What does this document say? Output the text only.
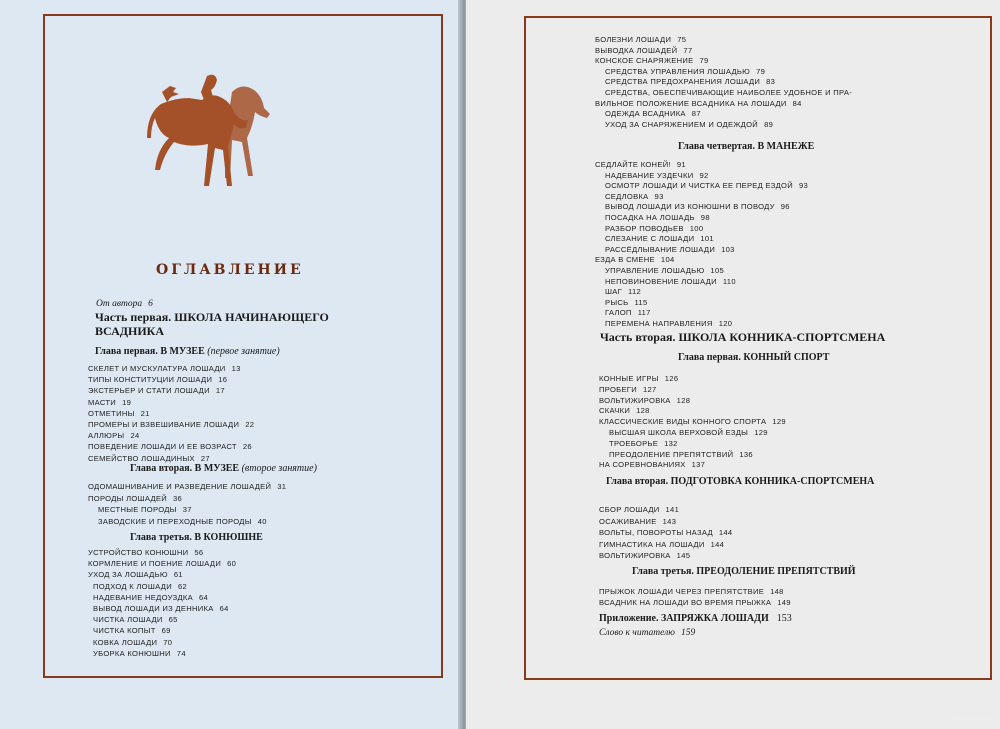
ОГЛАВЛЕНИЕ
От автора 6
Часть первая. ШКОЛА НАЧИНАЮЩЕГО
ВСАДНИКА
Глава первая. В МУЗЕЕ (первое занятие)
СКЕЛЕТ И МУСКУЛАТУРА ЛОШАДИ 13
ТИПЫ КОНСТИТУЦИИ ЛОШАДИ 16
ЭКСТЕРЬЕР И СТАТИ ЛОШАДИ 17
МАСТИ 19
ОТМЕТИНЫ 21
ПРОМЕРЫ И ВЗВЕШИВАНИЕ ЛОШАДИ 22
АЛЛЮРЫ 24
ПОВЕДЕНИЕ ЛОШАДИ И ЕЕ ВОЗРАСТ 26
СЕМЕЙСТВО ЛОШАДИНЫХ 27
Глава вторая. В МУЗЕЕ (второе занятие)
ОДОМАШНИВАНИЕ И РАЗВЕДЕНИЕ ЛОШАДЕЙ 31
ПОРОДЫ ЛОШАДЕЙ 36
МЕСТНЫЕ ПОРОДЫ 37
ЗАВОДСКИЕ И ПЕРЕХОДНЫЕ ПОРОДЫ 40
Глава третья. В КОНЮШНЕ
УСТРОЙСТВО КОНЮШНИ 56
КОРМЛЕНИЕ И ПОЕНИЕ ЛОШАДИ 60
УХОД ЗА ЛОШАДЬЮ 61
ПОДХОД К ЛОШАДИ 62
НАДЕВАНИЕ НЕДОУЗДКА 64
ВЫВОД ЛОШАДИ ИЗ ДЕННИКА 64
ЧИСТКА ЛОШАДИ 65
ЧИСТКА КОПЫТ 69
КОВКА ЛОШАДИ 70
УБОРКА КОНЮШНИ 74
БОЛЕЗНИ ЛОШАДИ 75
ВЫВОДКА ЛОШАДЕЙ 77
КОНСКОЕ СНАРЯЖЕНИЕ 79
СРЕДСТВА УПРАВЛЕНИЯ ЛОШАДЬЮ 79
СРЕДСТВА ПРЕДОХРАНЕНИЯ ЛОШАДИ 83
СРЕДСТВА, ОБЕСПЕЧИВАЮЩИЕ НАИБОЛЕЕ УДОБНОЕ И ПРА-
ВИЛЬНОЕ ПОЛОЖЕНИЕ ВСАДНИКА НА ЛОШАДИ 84
ОДЕЖДА ВСАДНИКА 87
УХОД ЗА СНАРЯЖЕНИЕМ И ОДЕЖДОЙ 89
Глава четвертая. В МАНЕЖЕ
СЕДЛАЙТЕ КОНЕЙ! 91
НАДЕВАНИЕ УЗДЕЧКИ 92
ОСМОТР ЛОШАДИ И ЧИСТКА ЕЕ ПЕРЕД ЕЗДОЙ 93
СЕДЛОВКА 93
ВЫВОД ЛОШАДИ ИЗ КОНЮШНИ В ПОВОДУ 96
ПОСАДКА НА ЛОШАДЬ 98
РАЗБОР ПОВОДЬЕВ 100
СЛЕЗАНИЕ С ЛОШАДИ 101
РАССЁДЛЫВАНИЕ ЛОШАДИ 103
ЕЗДА В СМЕНЕ 104
УПРАВЛЕНИЕ ЛОШАДЬЮ 105
НЕПОВИНОВЕНИЕ ЛОШАДИ 110
ШАГ 112
РЫСЬ 115
ГАЛОП 117
ПЕРЕМЕНА НАПРАВЛЕНИЯ 120
Часть вторая. ШКОЛА КОННИКА-СПОРТСМЕНА
Глава первая. КОННЫЙ СПОРТ
КОННЫЕ ИГРЫ 126
ПРОБЕГИ 127
ВОЛЬТИЖИРОВКА 128
СКАЧКИ 128
КЛАССИЧЕСКИЕ ВИДЫ КОННОГО СПОРТА 129
ВЫСШАЯ ШКОЛА ВЕРХОВОЙ ЕЗДЫ 129
ТРОЕБОРЬЕ 132
ПРЕОДОЛЕНИЕ ПРЕПЯТСТВИЙ 136
НА СОРЕВНОВАНИЯХ 137
Глава вторая. ПОДГОТОВКА КОННИКА-СПОРТСМЕНА
СБОР ЛОШАДИ 141
ОСАЖИВАНИЕ 143
ВОЛЬТЫ, ПОВОРОТЫ НАЗАД 144
ГИМНАСТИКА НА ЛОШАДИ 144
ВОЛЬТИЖИРОВКА 145
Глава третья. ПРЕОДОЛЕНИЕ ПРЕПЯТСТВИЙ
ПРЫЖОК ЛОШАДИ ЧЕРЕЗ ПРЕПЯТСТВИЕ 148
ВСАДНИК НА ЛОШАДИ ВО ВРЕМЯ ПРЫЖКА 149
Приложение. ЗАПРЯЖКА ЛОШАДИ 153
Слово к читателю 159
www.ay.by
